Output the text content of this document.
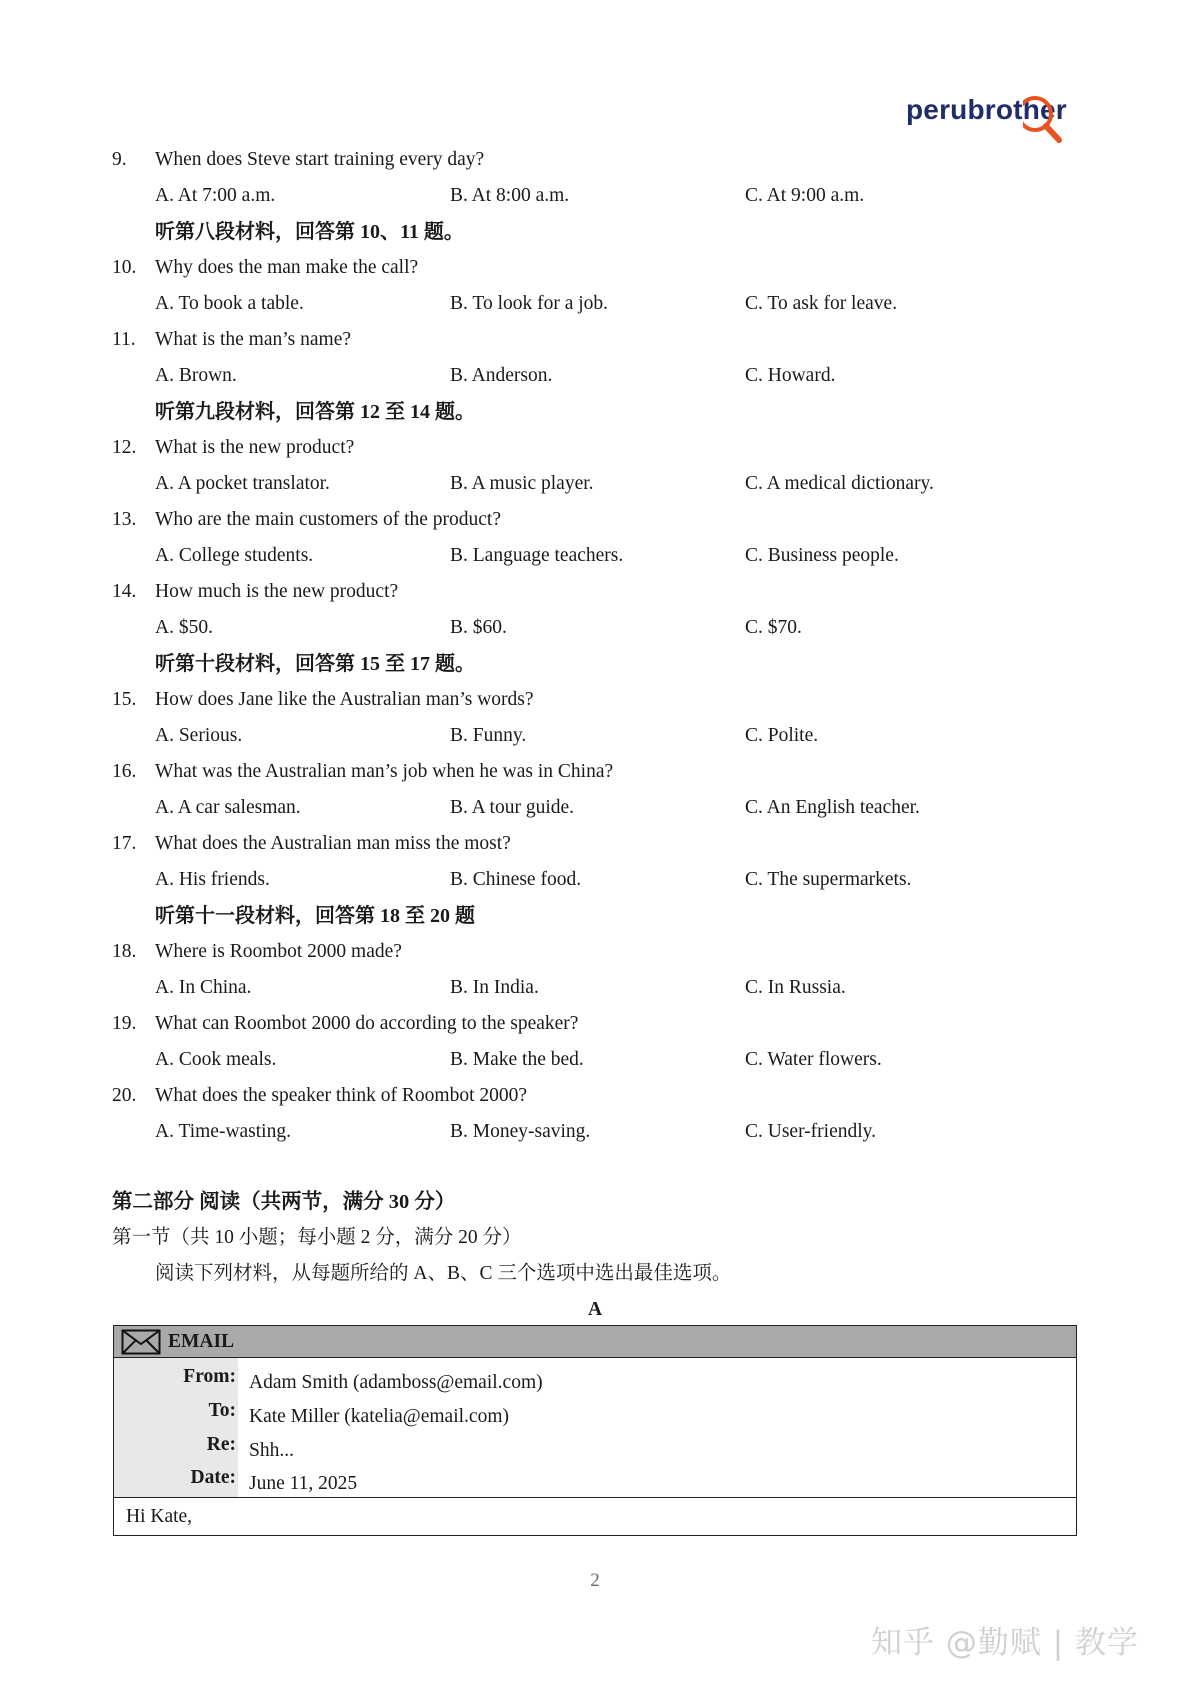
perubrother
9.	When does Steve start training every day?
A. At 7:00 a.m.	B. At 8:00 a.m.	C. At 9:00 a.m.
听第八段材料，回答第 10、11 题。
10. Why does the man make the call?
A. To book a table.	B. To look for a job.	C. To ask for leave.
11. What is the man’s name?
A. Brown.	B. Anderson.	C. Howard.
听第九段材料，回答第 12 至 14 题。
12. What is the new product?
A. A pocket translator.	B. A music player.	C. A medical dictionary.
13. Who are the main customers of the product?
A. College students.	B. Language teachers.	C. Business people.
14. How much is the new product?
A. $50.	B. $60.	C. $70.
听第十段材料，回答第 15 至 17 题。
15. How does Jane like the Australian man’s words?
A. Serious.	B. Funny.	C. Polite.
16. What was the Australian man’s job when he was in China?
A. A car salesman.	B. A tour guide.	C. An English teacher.
17. What does the Australian man miss the most?
A. His friends.	B. Chinese food.	C. The supermarkets.
听第十一段材料，回答第 18 至 20 题
18. Where is Roombot 2000 made?
A. In China.	B. In India.	C. In Russia.
19. What can Roombot 2000 do according to the speaker?
A. Cook meals.	B. Make the bed.	C. Water flowers.
20. What does the speaker think of Roombot 2000?
A. Time-wasting.	B. Money-saving.	C. User-friendly.
第二部分 阅读（共两节，满分 30 分）
第一节（共 10 小题；每小题 2 分，满分 20 分）
阅读下列材料，从每题所给的 A、B、C 三个选项中选出最佳选项。
A
EMAIL
From: Adam Smith (adamboss@email.com)
To: Kate Miller (katelia@email.com)
Re: Shh...
Date: June 11, 2025
Hi Kate,
2
知乎 @勤赋 | 教学
